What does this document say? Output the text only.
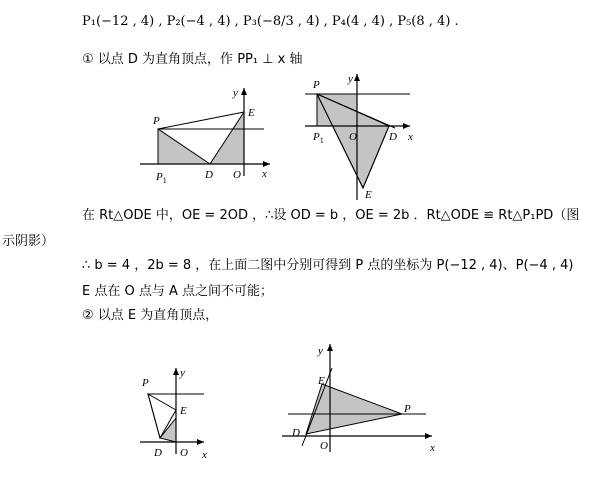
P₁(−12 , 4) , P₂(−4 , 4) , P₃(−8/3 , 4) , P₄(4 , 4) , P₅(8 , 4) .
① 以点 D 为直角顶点，作 PP₁ ⊥ x 轴
在 Rt△ODE 中，OE = 2OD ，∴设 OD = b ，OE = 2b ．Rt△ODE ≌ Rt△P₁PD（图
示阴影）
∴ b = 4 ，2b = 8 ，在上面二图中分别可得到 P 点的坐标为 P(−12 , 4)、P(−4 , 4)
E 点在 O 点与 A 点之间不可能；
② 以点 E 为直角顶点，
P
$P_1$	D O
E
x
y
P
$P_1$ O	D
E
x
y
P
E
D O x
y
E
P
D
O	x
y
